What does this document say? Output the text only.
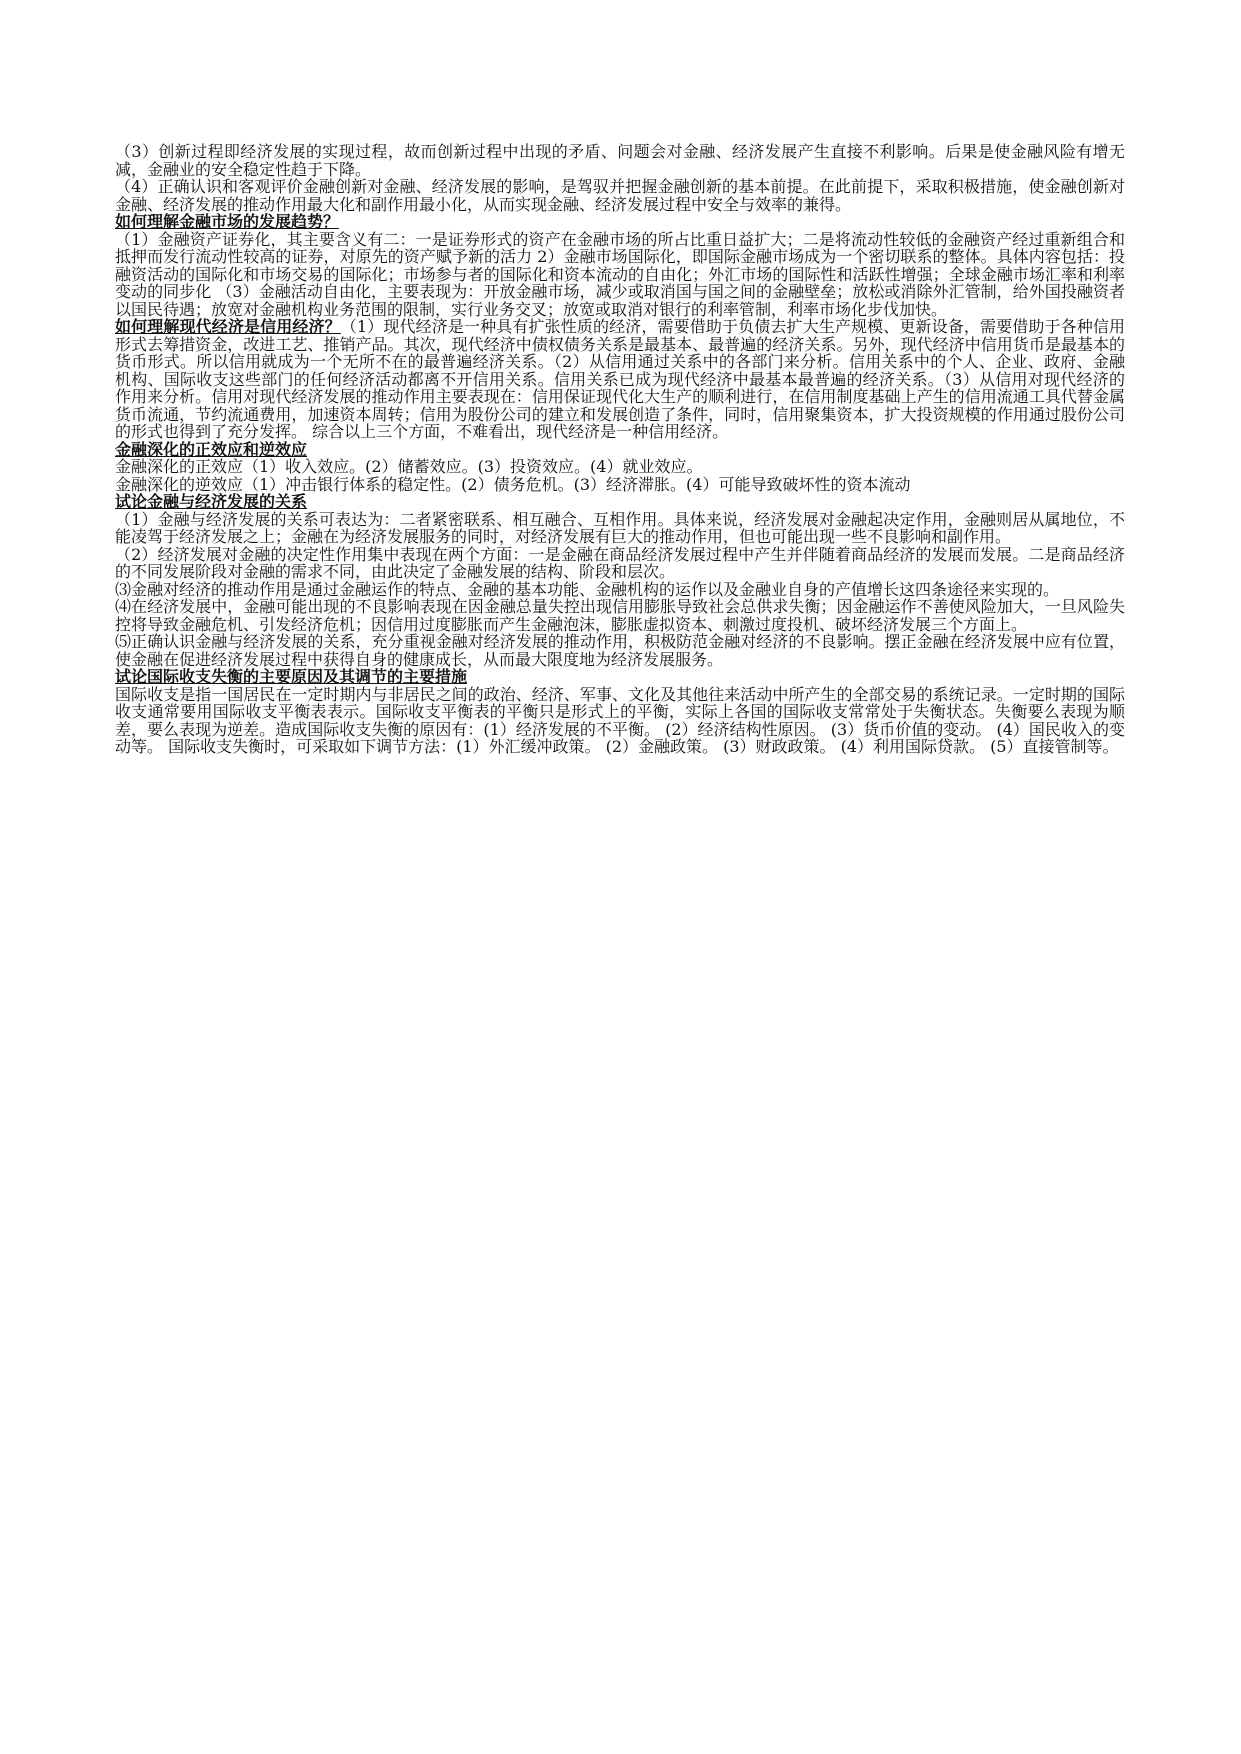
（3）创新过程即经济发展的实现过程，故而创新过程中出现的矛盾、问题会对金融、经济发展产生直接不利影响。后果是使金融风险有增无减，金融业的安全稳定性趋于下降。

（4）正确认识和客观评价金融创新对金融、经济发展的影响，是驾驭并把握金融创新的基本前提。在此前提下，采取积极措施，使金融创新对金融、经济发展的推动作用最大化和副作用最小化，从而实现金融、经济发展过程中安全与效率的兼得。

如何理解金融市场的发展趋势？

（1）金融资产证券化，其主要含义有二：一是证券形式的资产在金融市场的所占比重日益扩大；二是将流动性较低的金融资产经过重新组合和抵押而发行流动性较高的证券，对原先的资产赋予新的活力 2）金融市场国际化，即国际金融市场成为一个密切联系的整体。具体内容包括：投融资活动的国际化和市场交易的国际化；市场参与者的国际化和资本流动的自由化；外汇市场的国际性和活跃性增强；全球金融市场汇率和利率变动的同步化 （3）金融活动自由化，主要表现为：开放金融市场，减少或取消国与国之间的金融壁垒；放松或消除外汇管制，给外国投融资者以国民待遇；放宽对金融机构业务范围的限制，实行业务交叉；放宽或取消对银行的利率管制，利率市场化步伐加快。

如何理解现代经济是信用经济？（1）现代经济是一种具有扩张性质的经济，需要借助于负债去扩大生产规模、更新设备，需要借助于各种信用形式去筹措资金，改进工艺、推销产品。其次，现代经济中债权债务关系是最基本、最普遍的经济关系。另外，现代经济中信用货币是最基本的货币形式。所以信用就成为一个无所不在的最普遍经济关系。（2）从信用通过关系中的各部门来分析。信用关系中的个人、企业、政府、金融机构、国际收支这些部门的任何经济活动都离不开信用关系。信用关系已成为现代经济中最基本最普遍的经济关系。（3）从信用对现代经济的作用来分析。信用对现代经济发展的推动作用主要表现在：信用保证现代化大生产的顺利进行，在信用制度基础上产生的信用流通工具代替金属货币流通，节约流通费用，加速资本周转；信用为股份公司的建立和发展创造了条件，同时，信用聚集资本，扩大投资规模的作用通过股份公司的形式也得到了充分发挥。 综合以上三个方面，不难看出，现代经济是一种信用经济。

金融深化的正效应和逆效应

金融深化的正效应（1）收入效应。(2）储蓄效应。(3）投资效应。(4）就业效应。

金融深化的逆效应（1）冲击银行体系的稳定性。(2）债务危机。(3）经济滞胀。(4）可能导致破坏性的资本流动

试论金融与经济发展的关系

（1）金融与经济发展的关系可表达为：二者紧密联系、相互融合、互相作用。具体来说，经济发展对金融起决定作用，金融则居从属地位，不能凌驾于经济发展之上；金融在为经济发展服务的同时，对经济发展有巨大的推动作用，但也可能出现一些不良影响和副作用。

（2）经济发展对金融的决定性作用集中表现在两个方面：一是金融在商品经济发展过程中产生并伴随着商品经济的发展而发展。二是商品经济的不同发展阶段对金融的需求不同，由此决定了金融发展的结构、阶段和层次。

⑶金融对经济的推动作用是通过金融运作的特点、金融的基本功能、金融机构的运作以及金融业自身的产值增长这四条途径来实现的。

⑷在经济发展中，金融可能出现的不良影响表现在因金融总量失控出现信用膨胀导致社会总供求失衡；因金融运作不善使风险加大，一旦风险失控将导致金融危机、引发经济危机；因信用过度膨胀而产生金融泡沫，膨胀虚拟资本、刺激过度投机、破坏经济发展三个方面上。

⑸正确认识金融与经济发展的关系，充分重视金融对经济发展的推动作用，积极防范金融对经济的不良影响。摆正金融在经济发展中应有位置，使金融在促进经济发展过程中获得自身的健康成长，从而最大限度地为经济发展服务。

试论国际收支失衡的主要原因及其调节的主要措施

国际收支是指一国居民在一定时期内与非居民之间的政治、经济、军事、文化及其他往来活动中所产生的全部交易的系统记录。一定时期的国际收支通常要用国际收支平衡表表示。国际收支平衡表的平衡只是形式上的平衡，实际上各国的国际收支常常处于失衡状态。失衡要么表现为顺差，要么表现为逆差。造成国际收支失衡的原因有：(1）经济发展的不平衡。 (2）经济结构性原因。 (3）货币价值的变动。 (4）国民收入的变动等。 国际收支失衡时，可采取如下调节方法：(1）外汇缓冲政策。 (2）金融政策。 (3）财政政策。 (4）利用国际贷款。 (5）直接管制等。
